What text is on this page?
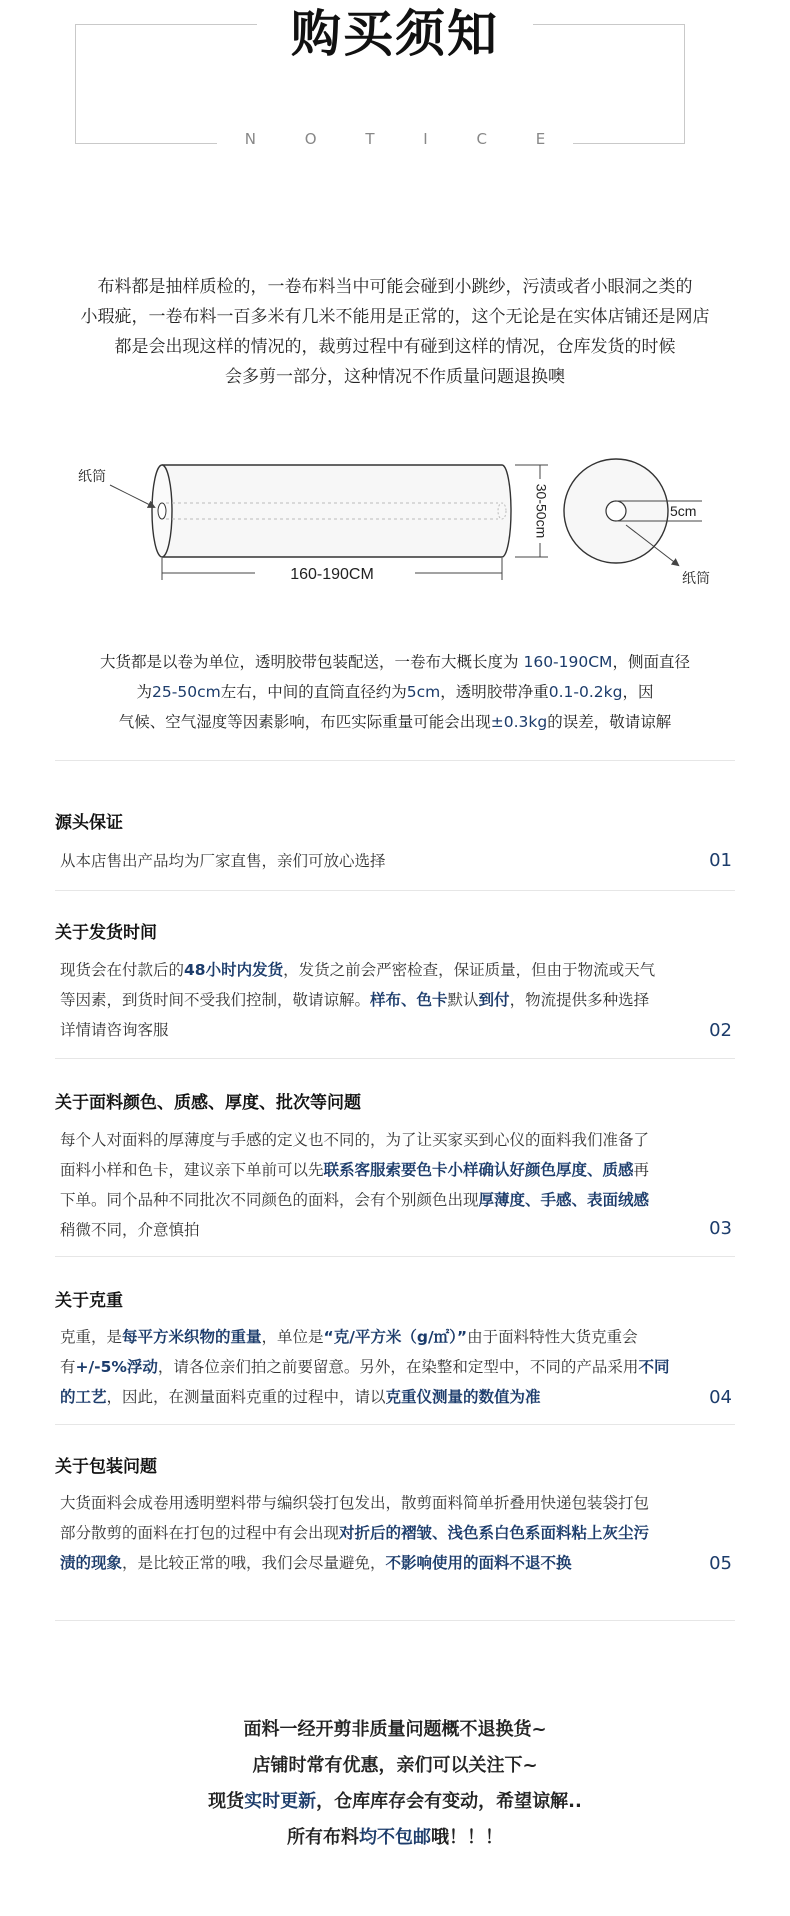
购买须知
N O T I C E
布料都是抽样质检的，一卷布料当中可能会碰到小跳纱，污渍或者小眼洞之类的
小瑕疵，一卷布料一百多米有几米不能用是正常的，这个无论是在实体店铺还是网店
都是会出现这样的情况的，裁剪过程中有碰到这样的情况，仓库发货的时候
会多剪一部分，这种情况不作质量问题退换噢
纸筒
160-190CM
30-50cm	5cm
纸筒
大货都是以卷为单位，透明胶带包装配送，一卷布大概长度为 160-190CM，侧面直径
为25-50cm左右，中间的直筒直径约为5cm，透明胶带净重0.1-0.2kg，因
气候、空气湿度等因素影响，布匹实际重量可能会出现±0.3kg的误差，敬请谅解
源头保证
从本店售出产品均为厂家直售，亲们可放心选择	01
关于发货时间
现货会在付款后的48小时内发货，发货之前会严密检查，保证质量，但由于物流或天气
等因素，到货时间不受我们控制，敬请谅解。样布、色卡默认到付，物流提供多种选择
详情请咨询客服	02
关于面料颜色、质感、厚度、批次等问题
每个人对面料的厚薄度与手感的定义也不同的，为了让买家买到心仪的面料我们准备了
面料小样和色卡，建议亲下单前可以先联系客服索要色卡小样确认好颜色厚度、质感再
下单。同个品种不同批次不同颜色的面料，会有个别颜色出现厚薄度、手感、表面绒感
稍微不同，介意慎拍	03
关于克重
克重，是每平方米织物的重量，单位是“克/平方米（g/㎡）”由于面料特性大货克重会
有+/-5%浮动，请各位亲们拍之前要留意。另外，在染整和定型中，不同的产品采用不同
的工艺，因此，在测量面料克重的过程中，请以克重仪测量的数值为准	04
关于包装问题
大货面料会成卷用透明塑料带与编织袋打包发出，散剪面料简单折叠用快递包装袋打包
部分散剪的面料在打包的过程中有会出现对折后的褶皱、浅色系白色系面料粘上灰尘污
渍的现象，是比较正常的哦，我们会尽量避免，不影响使用的面料不退不换	05
面料一经开剪非质量问题概不退换货~
店铺时常有优惠，亲们可以关注下~
现货实时更新，仓库库存会有变动，希望谅解..
所有布料均不包邮哦！！！
